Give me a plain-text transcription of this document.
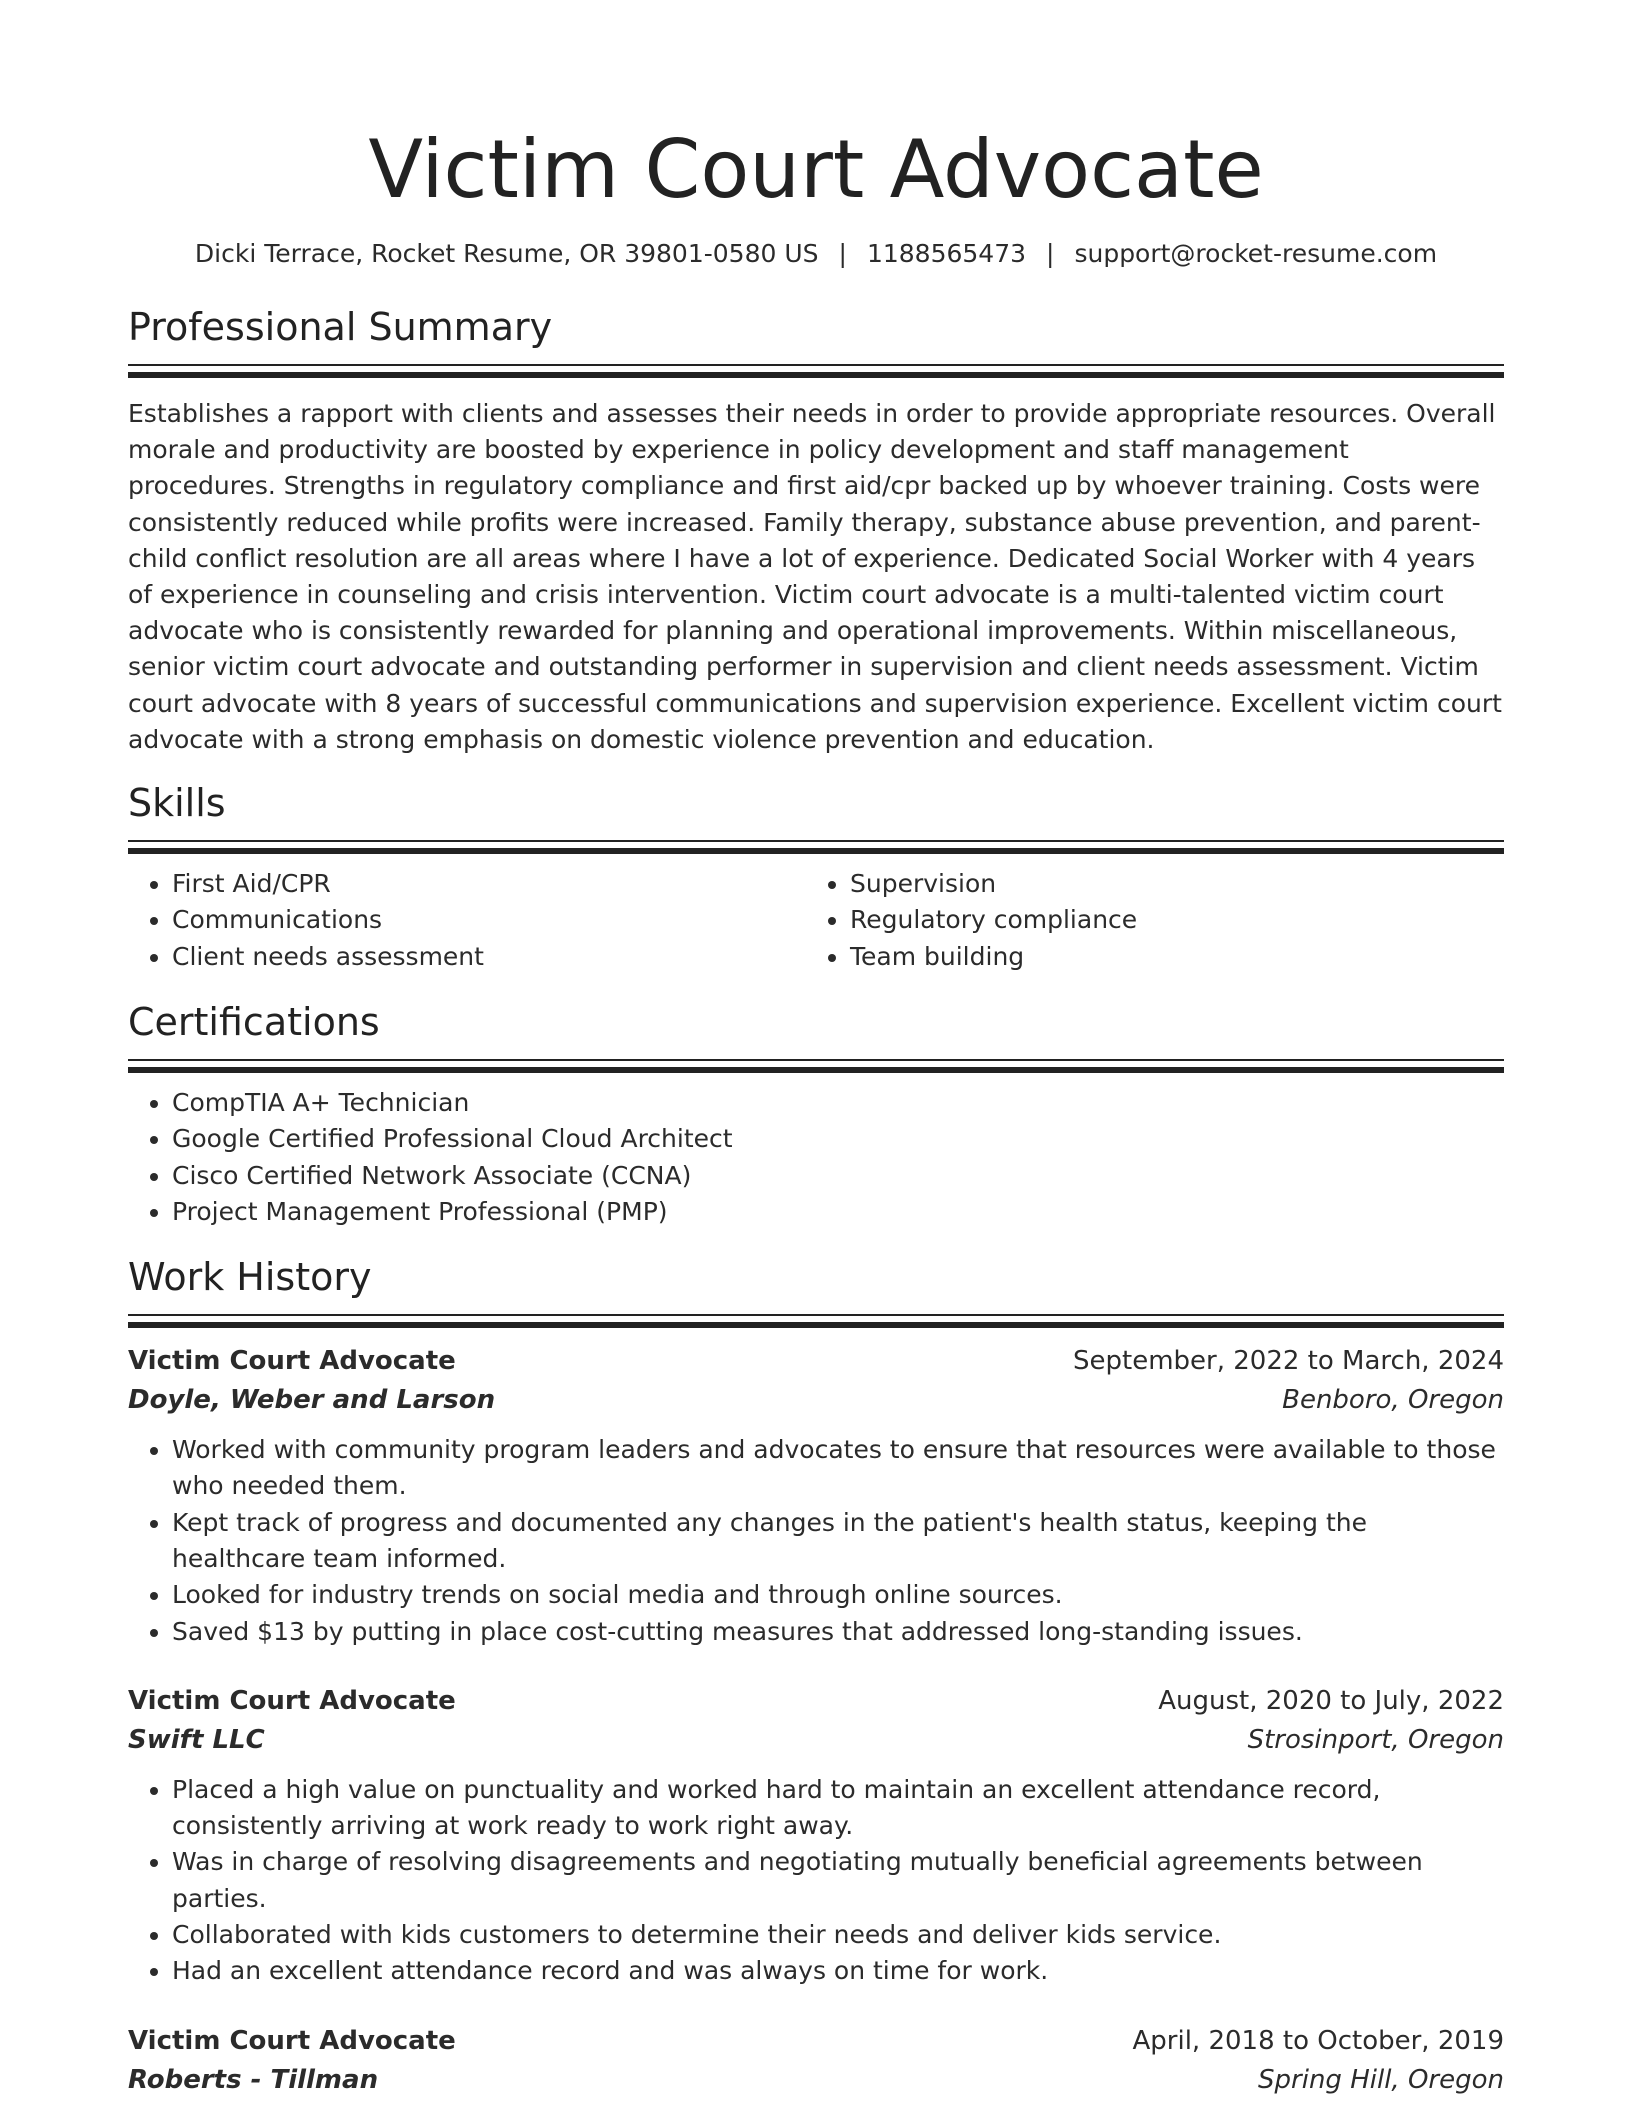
Victim Court Advocate
Dicki Terrace, Rocket Resume, OR 39801-0580 US | 1188565473 | support@rocket-resume.com
Professional Summary

Establishes a rapport with clients and assesses their needs in order to provide appropriate resources. Overall morale and productivity are boosted by experience in policy development and staff management procedures. Strengths in regulatory compliance and first aid/cpr backed up by whoever training. Costs were consistently reduced while profits were increased. Family therapy, substance abuse prevention, and parent-child conflict resolution are all areas where I have a lot of experience. Dedicated Social Worker with 4 years of experience in counseling and crisis intervention. Victim court advocate is a multi-talented victim court advocate who is consistently rewarded for planning and operational improvements. Within miscellaneous, senior victim court advocate and outstanding performer in supervision and client needs assessment. Victim court advocate with 8 years of successful communications and supervision experience. Excellent victim court advocate with a strong emphasis on domestic violence prevention and education.

Skills
• First Aid/CPR
• Communications
• Client needs assessment
• Supervision
• Regulatory compliance
• Team building
Certifications
• CompTIA A+ Technician
• Google Certified Professional Cloud Architect
• Cisco Certified Network Associate (CCNA)
• Project Management Professional (PMP)
Work History
Victim Court Advocate	September, 2022 to March, 2024
Doyle, Weber and Larson	Benboro, Oregon
• Worked with community program leaders and advocates to ensure that resources were available to those who needed them.
• Kept track of progress and documented any changes in the patient's health status, keeping the healthcare team informed.
• Looked for industry trends on social media and through online sources.
• Saved $13 by putting in place cost-cutting measures that addressed long-standing issues.
Victim Court Advocate	August, 2020 to July, 2022
Swift LLC	Strosinport, Oregon
• Placed a high value on punctuality and worked hard to maintain an excellent attendance record, consistently arriving at work ready to work right away.
• Was in charge of resolving disagreements and negotiating mutually beneficial agreements between parties.
• Collaborated with kids customers to determine their needs and deliver kids service.
• Had an excellent attendance record and was always on time for work.
Victim Court Advocate	April, 2018 to October, 2019
Roberts - Tillman	Spring Hill, Oregon
